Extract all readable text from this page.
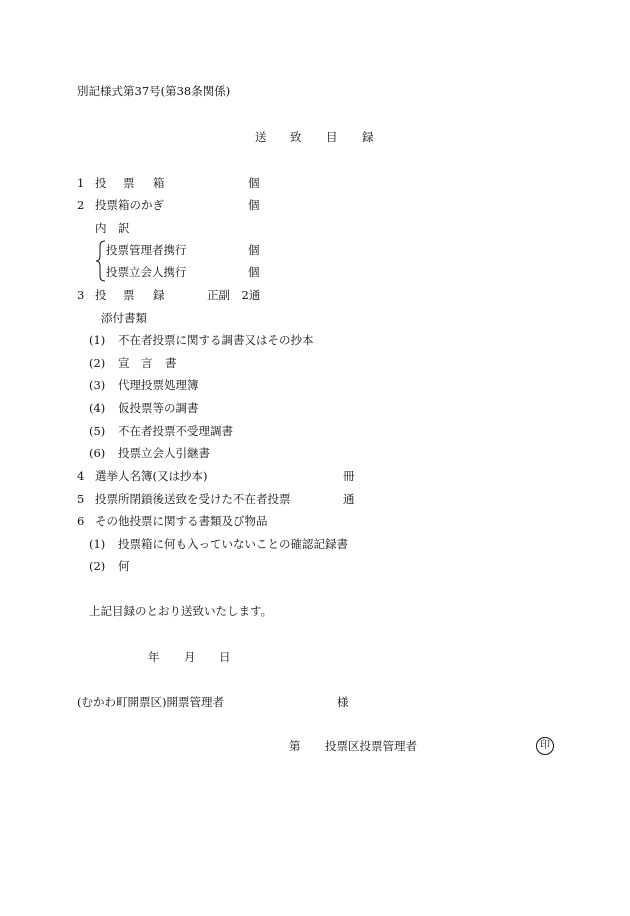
別記様式第37号(第38条関係)
送 致 目 録
1 投 票 箱	個
2 投票箱のかぎ	個
内　訳
投票管理者携行	個
投票立会人携行	個
3 投 票 録	正副　2通
添付書類
(1) 不在者投票に関する調書又はその抄本
(2) 宣 言 書
(3) 代理投票処理簿
(4) 仮投票等の調書
(5) 不在者投票不受理調書
(6) 投票立会人引継書
4 選挙人名簿(又は抄本)	冊
5 投票所閉鎖後送致を受けた不在者投票	通
6 その他投票に関する書類及び物品
(1) 投票箱に何も入っていないことの確認記録書
(2) 何
上記目録のとおり送致いたします。
年 月 日
(むかわ町開票区)開票管理者	様
第 投票区投票管理者	印
